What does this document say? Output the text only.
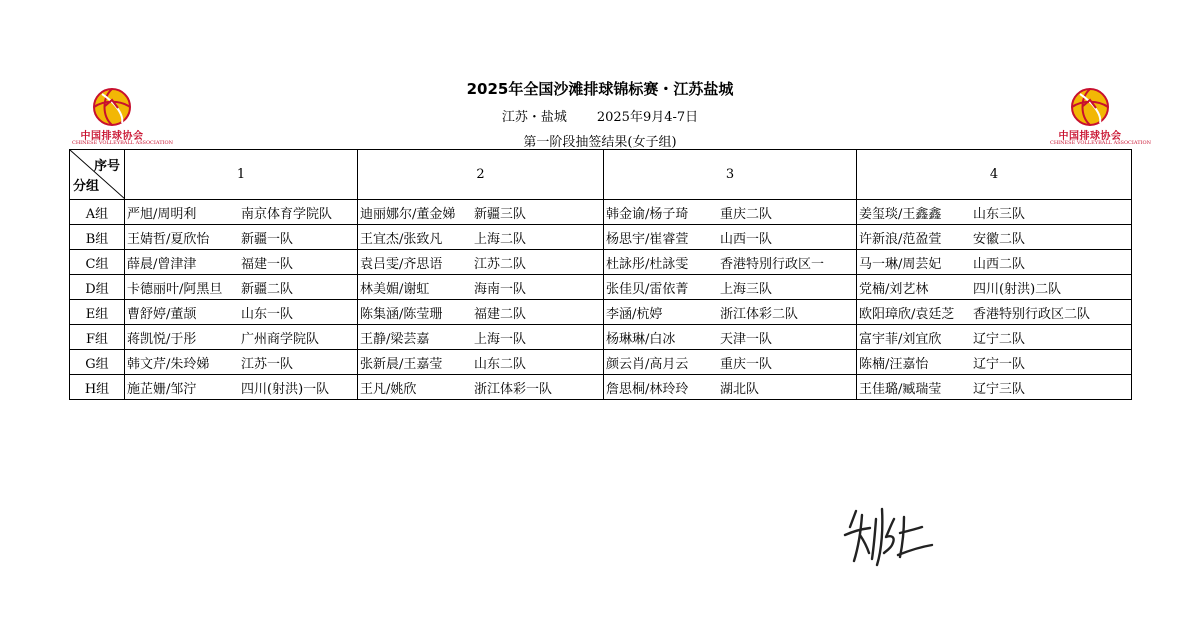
中国排球协会
CHINESE VOLLEYBALL ASSOCIATION
中国排球协会
CHINESE VOLLEYBALL ASSOCIATION
2025年全国沙滩排球锦标赛・江苏盐城
江苏・盐城 2025年9月4-7日
第一阶段抽签结果(女子组)
序号
分组	1	2	3	4
A组	严旭/周明利 南京体育学院队	迪丽娜尔/董金娣 新疆三队	韩金谕/杨子琦 重庆二队	姜玺琰/王鑫鑫 山东三队
B组	王婧哲/夏欣怡 新疆一队	王宜杰/张致凡 上海二队	杨思宇/崔睿萱 山西一队	许新浪/范盈萱 安徽二队
C组	薛晨/曾津津 福建一队	袁吕雯/齐思语 江苏二队	杜詠彤/杜詠雯 香港特別行政区一	马一琳/周芸妃 山西二队
D组	卡德丽叶/阿黑旦 新疆二队	林美媚/谢虹 海南一队	张佳贝/雷依菁 上海三队	党楠/刘艺林 四川(射洪)二队
E组	曹舒婷/董颉 山东一队	陈集涵/陈莹珊 福建二队	李涵/杭婷 浙江体彩二队	欧阳璋欣/袁廷芝 香港特别行政区二队
F组	蒋凯悦/于彤 广州商学院队	王静/梁芸嘉 上海一队	杨琳琳/白冰 天津一队	富宇菲/刘宜欣 辽宁二队
G组	韩文芹/朱玲娣 江苏一队	张新晨/王嘉莹 山东二队	颜云肖/高月云 重庆一队	陈楠/汪嘉怡 辽宁一队
H组	施芷姗/邹泞 四川(射洪)一队	王凡/姚欣 浙江体彩一队	詹思桐/林玲玲 湖北队	王佳璐/臧瑞莹 辽宁三队
